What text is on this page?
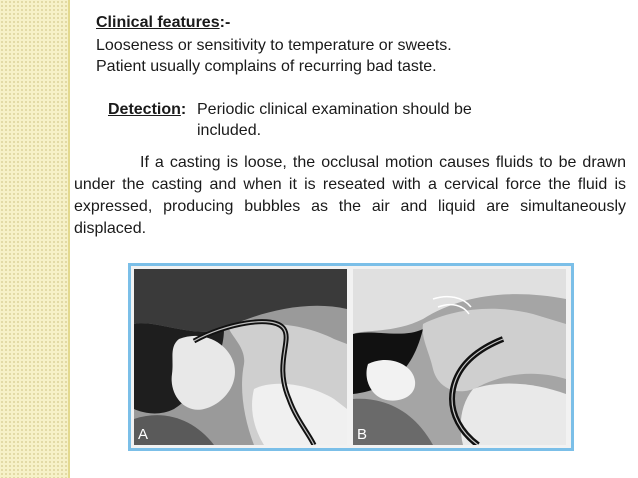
Clinical features:-
Looseness or sensitivity to temperature or sweets.
Patient usually complains of recurring bad taste.
Detection: Periodic clinical examination should be included.
If a casting is loose, the occlusal motion causes fluids to be drawn under the casting and when it is reseated with a cervical force the fluid is expressed, producing bubbles as the air and liquid are simultaneously displaced.
A	B
